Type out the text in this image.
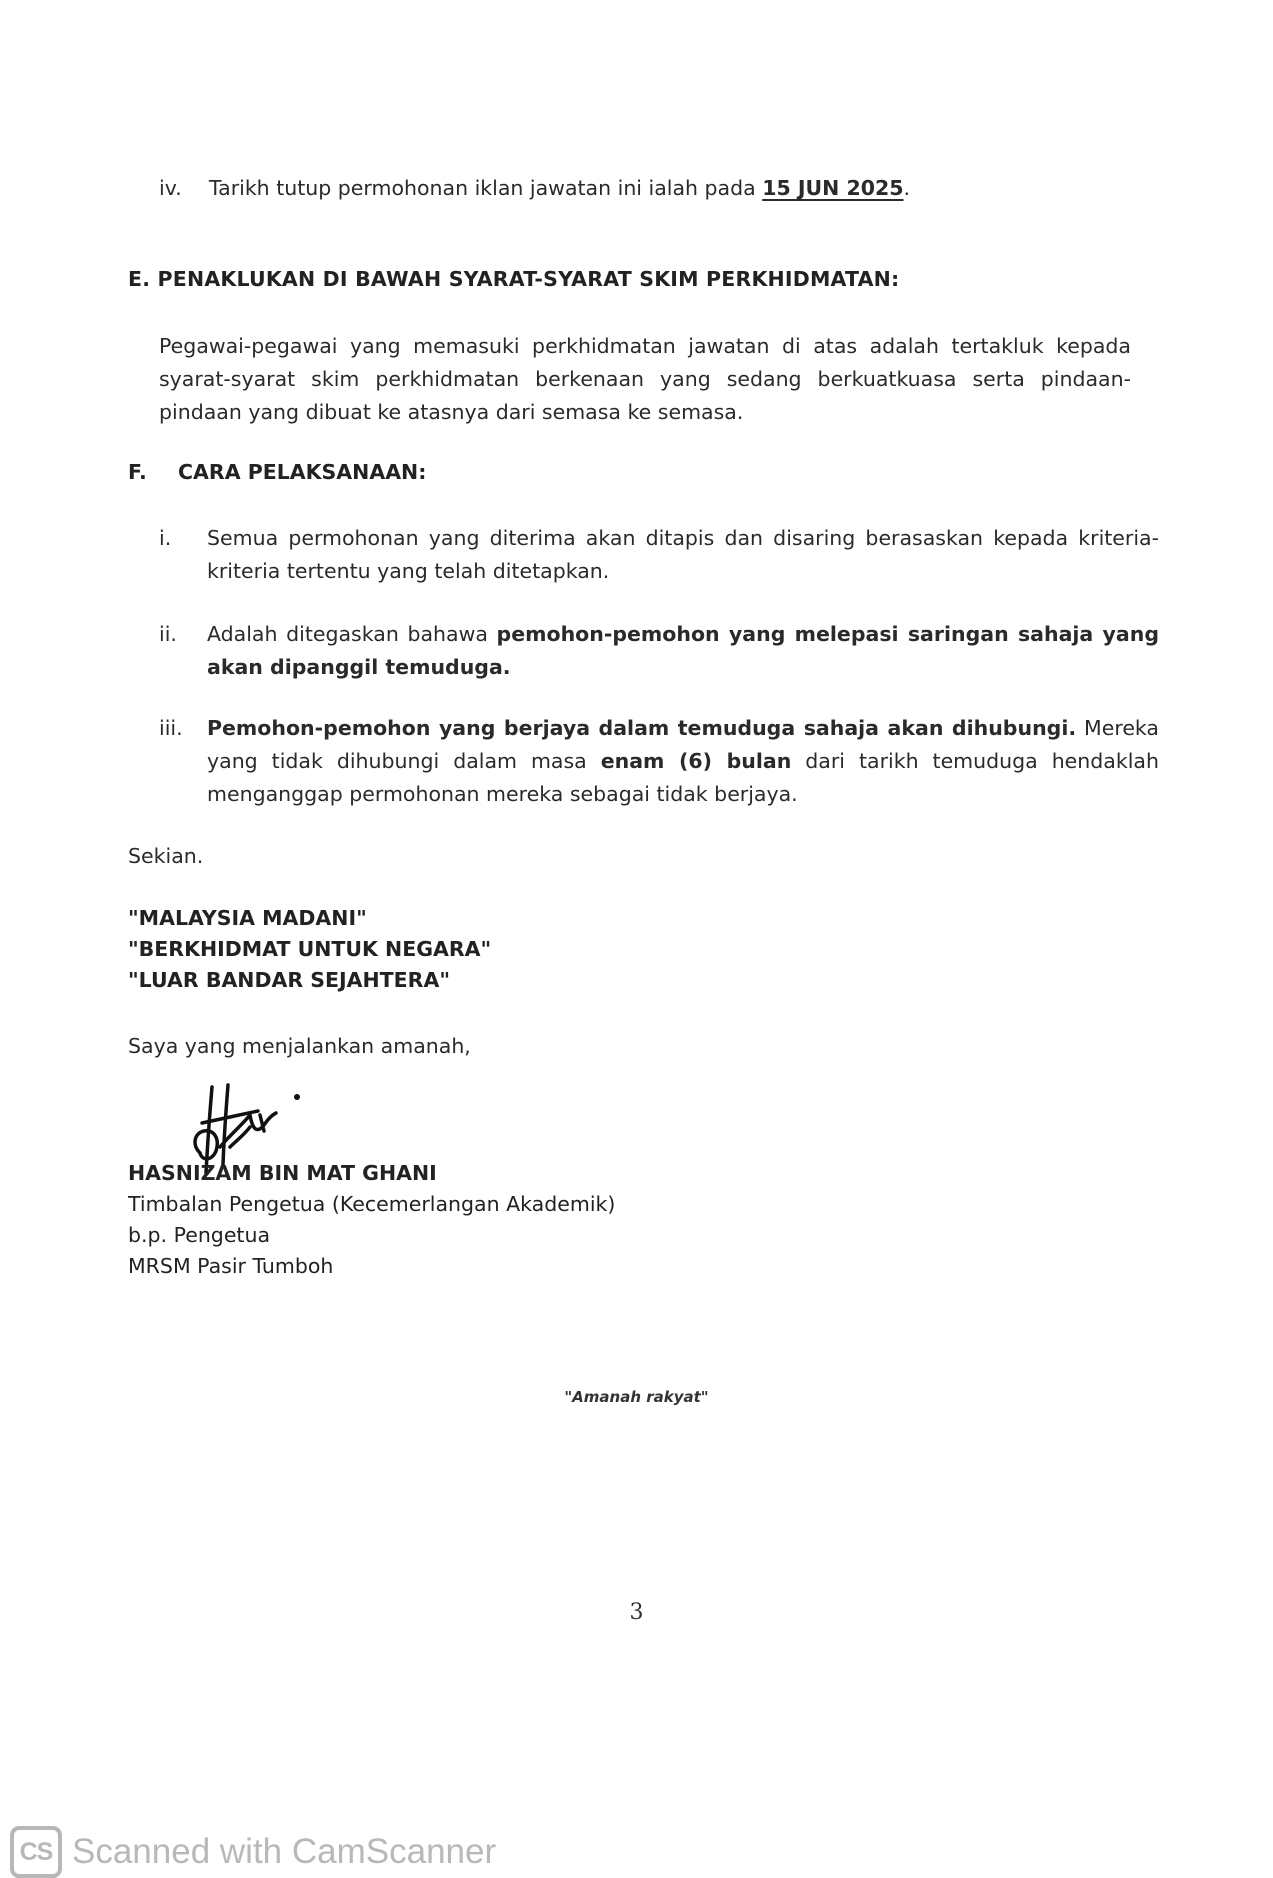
iv. Tarikh tutup permohonan iklan jawatan ini ialah pada 15 JUN 2025.
E. PENAKLUKAN DI BAWAH SYARAT-SYARAT SKIM PERKHIDMATAN:
Pegawai-pegawai yang memasuki perkhidmatan jawatan di atas adalah tertakluk kepada syarat-syarat skim perkhidmatan berkenaan yang sedang berkuatkuasa serta pindaan-pindaan yang dibuat ke atasnya dari semasa ke semasa.
F. CARA PELAKSANAAN:
i.	Semua permohonan yang diterima akan ditapis dan disaring berasaskan kepada kriteria-kriteria tertentu yang telah ditetapkan.
ii.	Adalah ditegaskan bahawa pemohon-pemohon yang melepasi saringan sahaja yang akan dipanggil temuduga.
iii.	Pemohon-pemohon yang berjaya dalam temuduga sahaja akan dihubungi. Mereka yang tidak dihubungi dalam masa enam (6) bulan dari tarikh temuduga hendaklah menganggap permohonan mereka sebagai tidak berjaya.
Sekian.
"MALAYSIA MADANI"
"BERKHIDMAT UNTUK NEGARA"
"LUAR BANDAR SEJAHTERA"
Saya yang menjalankan amanah,
HASNIZAM BIN MAT GHANI
Timbalan Pengetua (Kecemerlangan Akademik)
b.p. Pengetua
MRSM Pasir Tumboh
"Amanah rakyat"
3
CS Scanned with CamScanner
